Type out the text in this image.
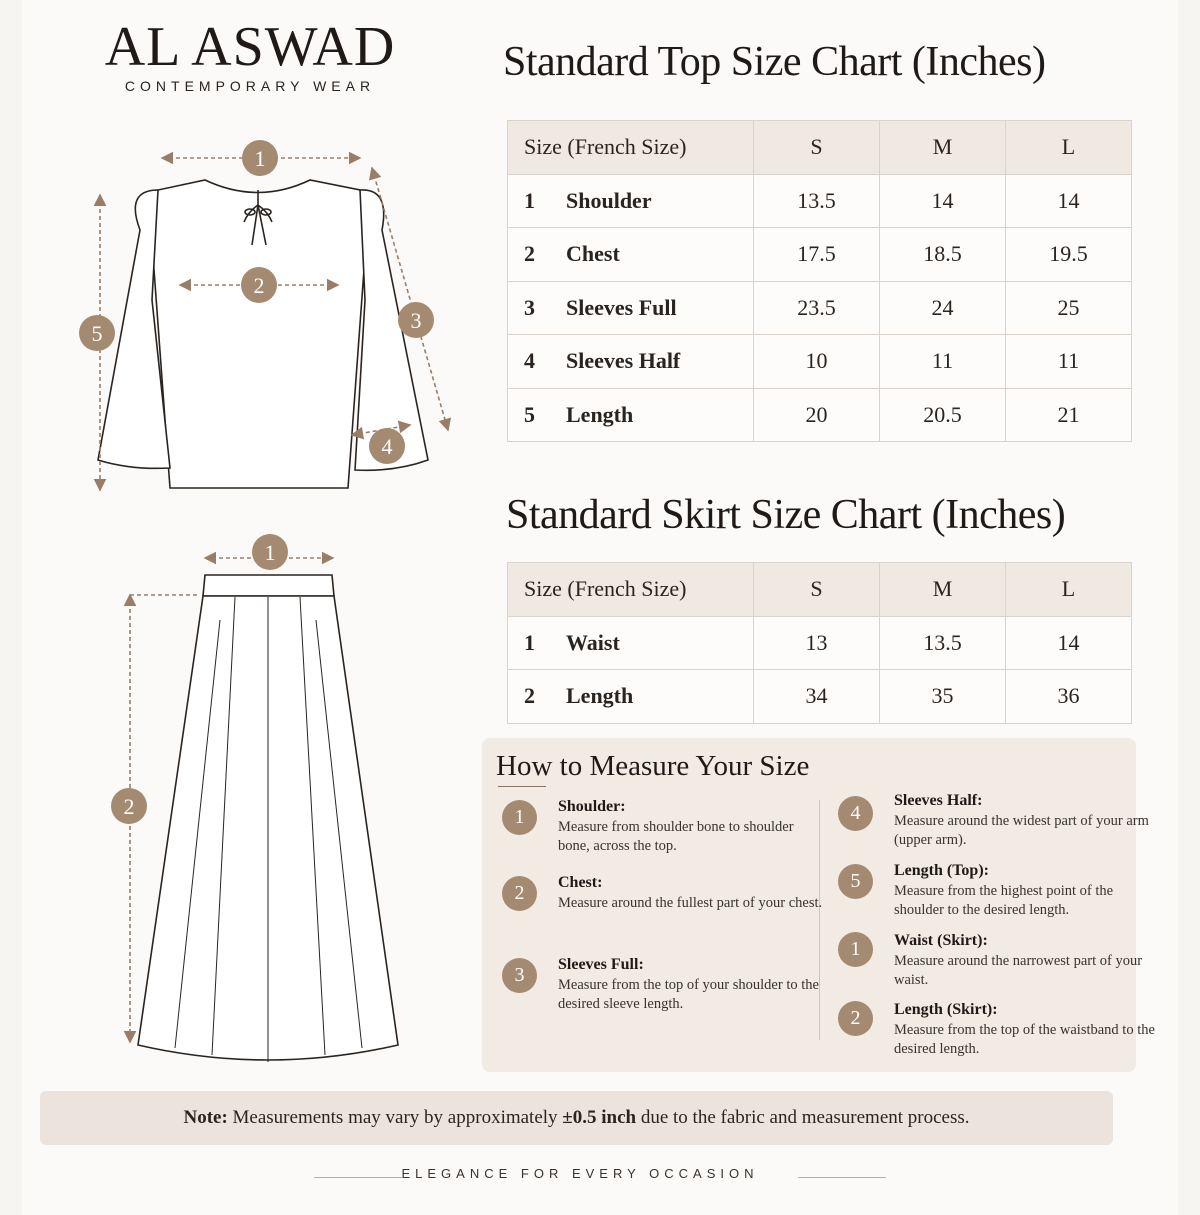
1
2
3
4
5
1
2
AL ASWAD
CONTEMPORARY WEAR
Standard Top Size Chart (Inches)
Size (French Size)	S	M	L
1 Shoulder	13.5	14	14
2 Chest	17.5	18.5	19.5
3 Sleeves Full	23.5	24	25
4 Sleeves Half	10	11	11
5 Length	20	20.5	21
Standard Skirt Size Chart (Inches)
Size (French Size)	S	M	L
1 Waist	13	13.5	14
2 Length	34	35	36
How to Measure Your Size
1	Shoulder:
Measure from shoulder bone to shoulder bone, across the top.
2	Chest:
Measure around the fullest part of your chest.
3	Sleeves Full:
Measure from the top of your shoulder to the desired sleeve length.
4
Sleeves Half:
Measure around the widest part of your arm (upper arm).
5	Length (Top):
Measure from the highest point of the shoulder to the desired length.
1	Waist (Skirt):
Measure around the narrowest part of your waist.
2	Length (Skirt):
Measure from the top of the waistband to the desired length.
Note: Measurements may vary by approximately ±0.5 inch due to the fabric and measurement process.
ELEGANCE FOR EVERY OCCASION
